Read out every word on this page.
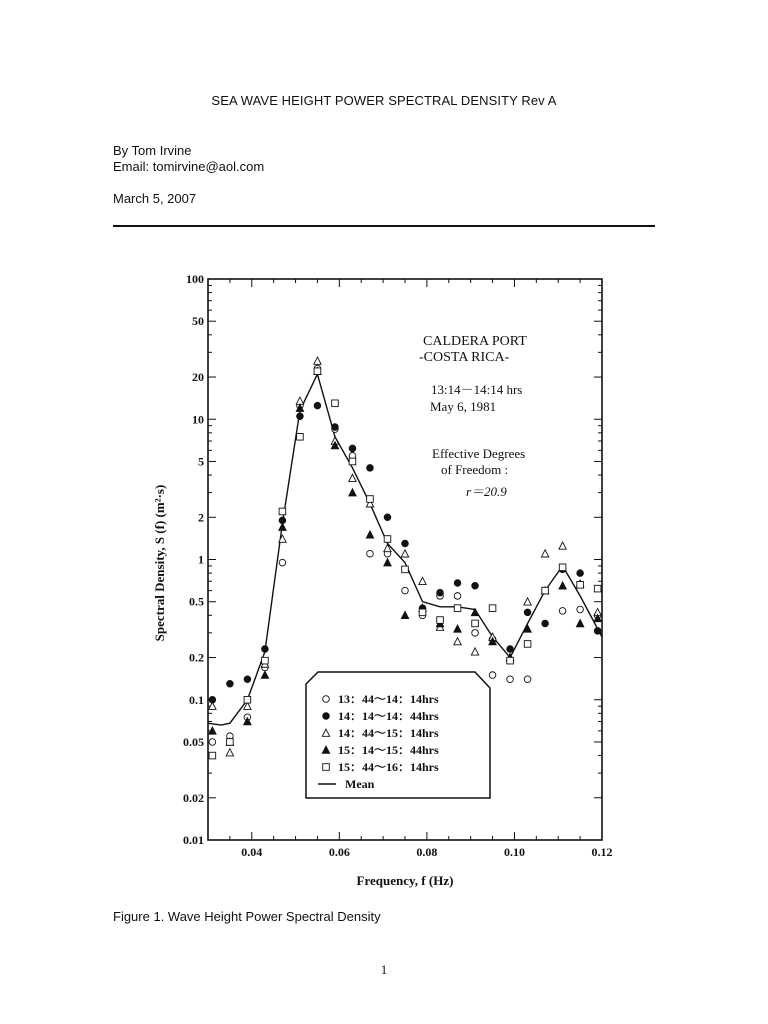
SEA WAVE HEIGHT POWER SPECTRAL DENSITY Rev A
By Tom Irvine
Email: tomirvine@aol.com
March 5, 2007
0.04	0.06	0.08	0.10	0.12
0.01
0.02
0.05
0.1
0.2
0.5
1
2
5
10
20
50
100
CALDERA PORT
-COSTA RICA-
13:14－14:14 hrs
May 6, 1981
Effective Degrees
of Freedom :
r＝20.9
13：44～14：14hrs
14：14～14：44hrs
14：44～15：14hrs
15：14～15：44hrs
15：44～16：14hrs
Mean
Frequency, f (Hz)
Spectral Density, S (f) (m²·s)
Figure 1. Wave Height Power Spectral Density
1
